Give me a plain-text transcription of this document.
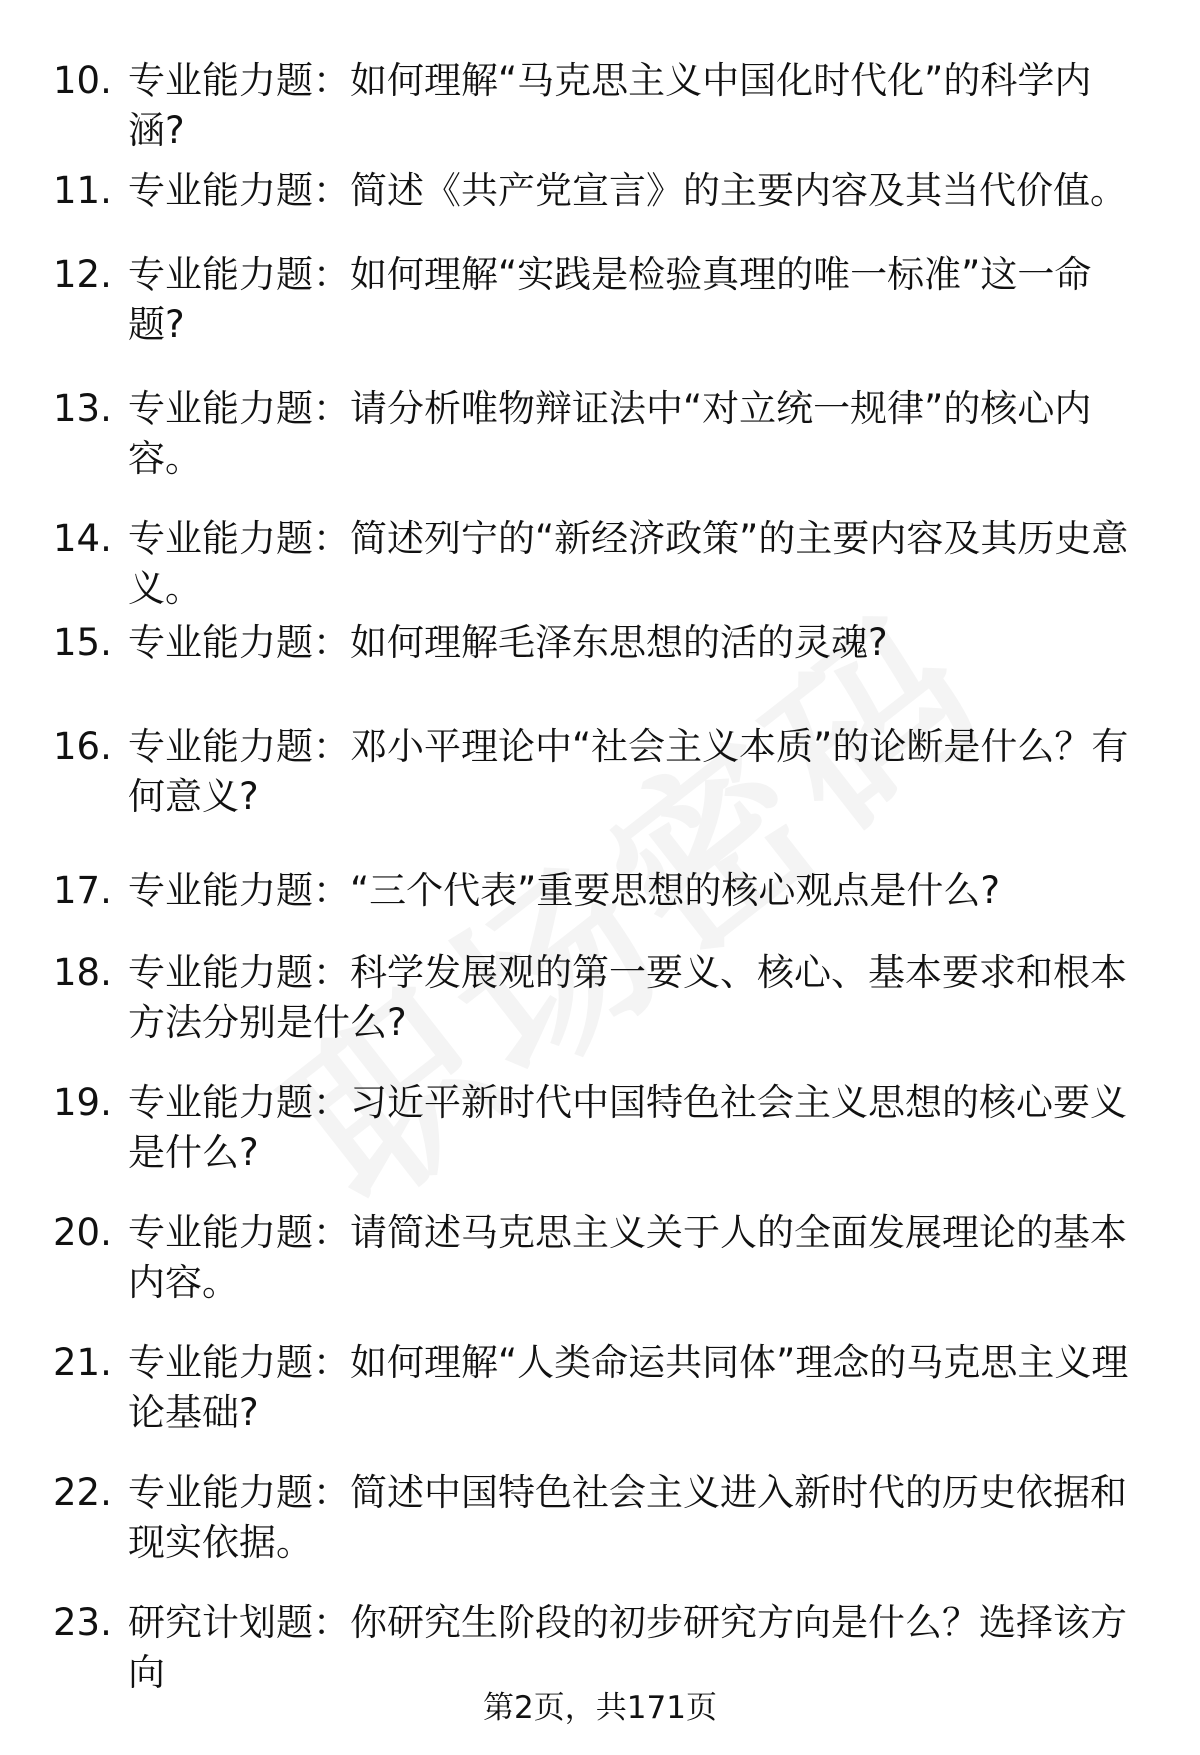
10. 专业能力题：如何理解“马克思主义中国化时代化”的科学内涵?
11. 专业能力题：简述《共产党宣言》的主要内容及其当代价值。
12. 专业能力题：如何理解“实践是检验真理的唯一标准”这一命题?
13. 专业能力题：请分析唯物辩证法中“对立统一规律”的核心内容。
14. 专业能力题：简述列宁的“新经济政策”的主要内容及其历史意义。
15. 专业能力题：如何理解毛泽东思想的活的灵魂?
16. 专业能力题：邓小平理论中“社会主义本质”的论断是什么？有何意义?
17. 专业能力题：“三个代表”重要思想的核心观点是什么?
18. 专业能力题：科学发展观的第一要义、核心、基本要求和根本方法分别是什么?
19. 专业能力题：习近平新时代中国特色社会主义思想的核心要义是什么?
20. 专业能力题：请简述马克思主义关于人的全面发展理论的基本内容。
21. 专业能力题：如何理解“人类命运共同体”理念的马克思主义理论基础?
22. 专业能力题：简述中国特色社会主义进入新时代的历史依据和现实依据。
23. 研究计划题：你研究生阶段的初步研究方向是什么？选择该方向
第2页，共171页
